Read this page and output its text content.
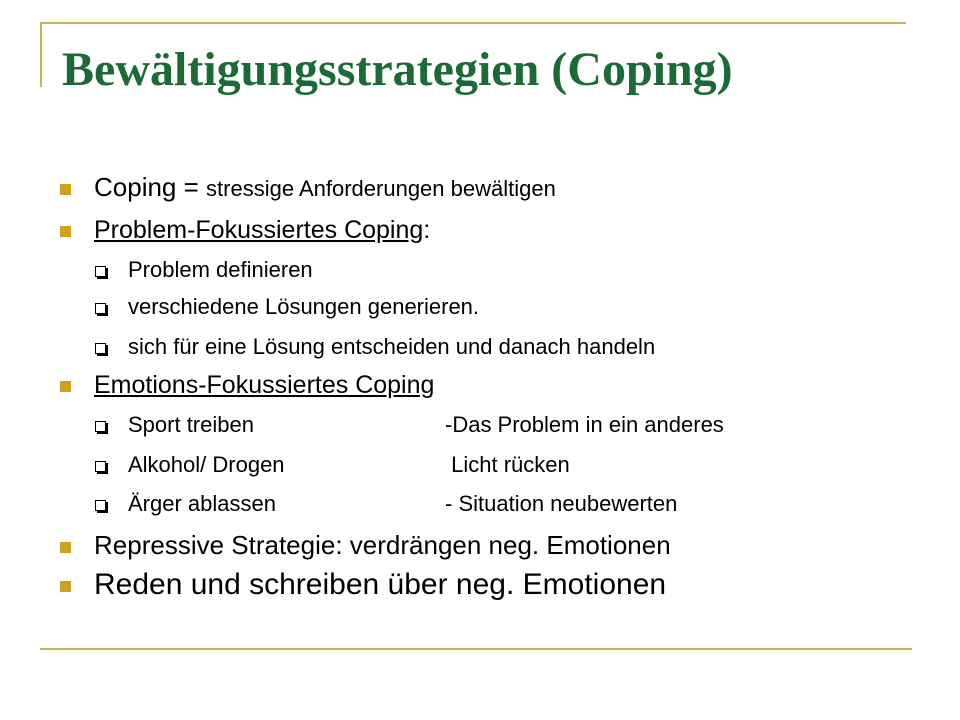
Bewältigungsstrategien (Coping)
Coping = stressige Anforderungen bewältigen
Problem-Fokussiertes Coping:
Problem definieren
verschiedene Lösungen generieren.
sich für eine Lösung entscheiden und danach handeln
Emotions-Fokussiertes Coping
Sport treiben	-Das Problem in ein anderes
Alkohol/ Drogen	Licht rücken
Ärger ablassen	- Situation neubewerten
Repressive Strategie: verdrängen neg. Emotionen
Reden und schreiben über neg. Emotionen
